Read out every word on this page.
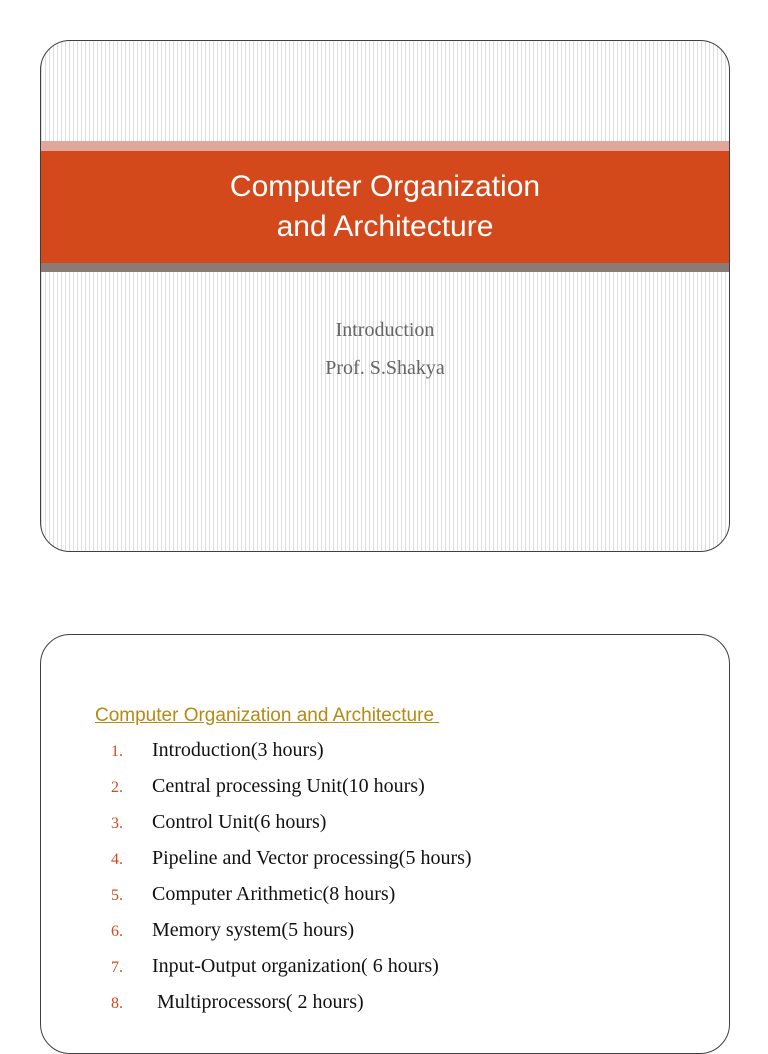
Computer Organization
and Architecture
Introduction
Prof. S.Shakya
Computer Organization and Architecture
1.	Introduction(3 hours)
2.	Central processing Unit(10 hours)
3.	Control Unit(6 hours)
4.	Pipeline and Vector processing(5 hours)
5.	Computer Arithmetic(8 hours)
6.	Memory system(5 hours)
7.	Input-Output organization( 6 hours)
8.	Multiprocessors( 2 hours)
